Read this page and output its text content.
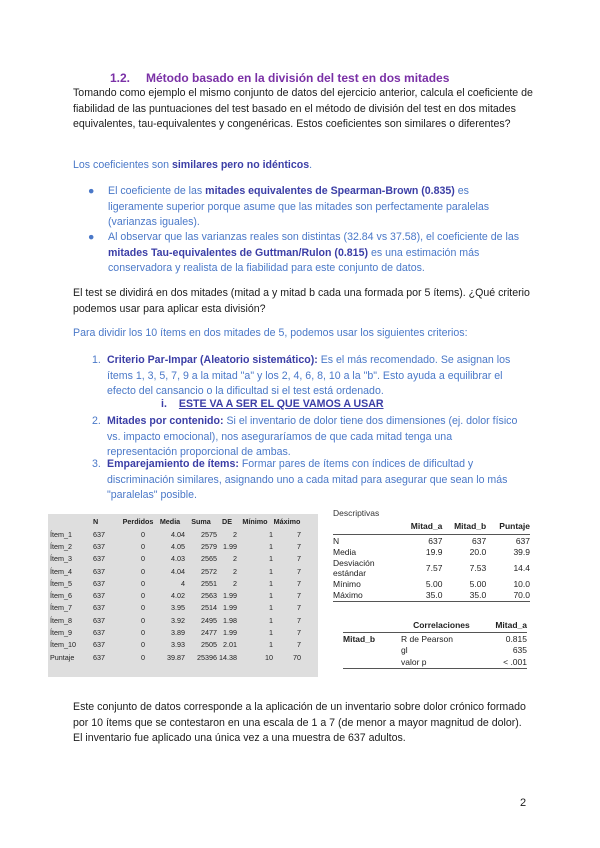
1.2. Método basado en la división del test en dos mitades
Tomando como ejemplo el mismo conjunto de datos del ejercicio anterior, calcula el coeficiente de fiabilidad de las puntuaciones del test basado en el método de división del test en dos mitades equivalentes, tau-equivalentes y congenéricas. Estos coeficientes son similares o diferentes?
Los coeficientes son similares pero no idénticos.
●	El coeficiente de las mitades equivalentes de Spearman-Brown (0.835) es ligeramente superior porque asume que las mitades son perfectamente paralelas (varianzas iguales).
●	Al observar que las varianzas reales son distintas (32.84 vs 37.58), el coeficiente de las mitades Tau-equivalentes de Guttman/Rulon (0.815) es una estimación más conservadora y realista de la fiabilidad para este conjunto de datos.
El test se dividirá en dos mitades (mitad a y mitad b cada una formada por 5 ítems). ¿Qué criterio podemos usar para aplicar esta división?
Para dividir los 10 ítems en dos mitades de 5, podemos usar los siguientes criterios:
1. Criterio Par-Impar (Aleatorio sistemático): Es el más recomendado. Se asignan los ítems 1, 3, 5, 7, 9 a la mitad "a" y los 2, 4, 6, 8, 10 a la "b". Esto ayuda a equilibrar el efecto del cansancio o la dificultad si el test está ordenado.
i. ESTE VA A SER EL QUE VAMOS A USAR
2. Mitades por contenido: Si el inventario de dolor tiene dos dimensiones (ej. dolor físico vs. impacto emocional), nos aseguraríamos de que cada mitad tenga una representación proporcional de ambas.
3. Emparejamiento de ítems: Formar pares de ítems con índices de dificultad y discriminación similares, asignando uno a cada mitad para asegurar que sean lo más "paralelas" posible.
	N	Perdidos	Media	Suma	DE	Mínimo	Máximo
Ítem_1	637	0	4.04	2575	2	1	7
Ítem_2	637	0	4.05	2579	1.99	1	7
Ítem_3	637	0	4.03	2565	2	1	7
Ítem_4	637	0	4.04	2572	2	1	7
Ítem_5	637	0	4	2551	2	1	7
Ítem_6	637	0	4.02	2563	1.99	1	7
Ítem_7	637	0	3.95	2514	1.99	1	7
Ítem_8	637	0	3.92	2495	1.98	1	7
Ítem_9	637	0	3.89	2477	1.99	1	7
Ítem_10	637	0	3.93	2505	2.01	1	7
Puntaje	637	0	39.87	25396	14.38	10	70
Descriptivas
	Mitad_a	Mitad_b	Puntaje
N	637	637	637
Media	19.9	20.0	39.9
Desviación estándar	7.57	7.53	14.4
Mínimo	5.00	5.00	10.0
Máximo	35.0	35.0	70.0
	Correlaciones	Mitad_a
Mitad_b	R de Pearson	0.815
	gl	635
	valor p	< .001
Este conjunto de datos corresponde a la aplicación de un inventario sobre dolor crónico formado por 10 ítems que se contestaron en una escala de 1 a 7 (de menor a mayor magnitud de dolor). El inventario fue aplicado una única vez a una muestra de 637 adultos.
2
